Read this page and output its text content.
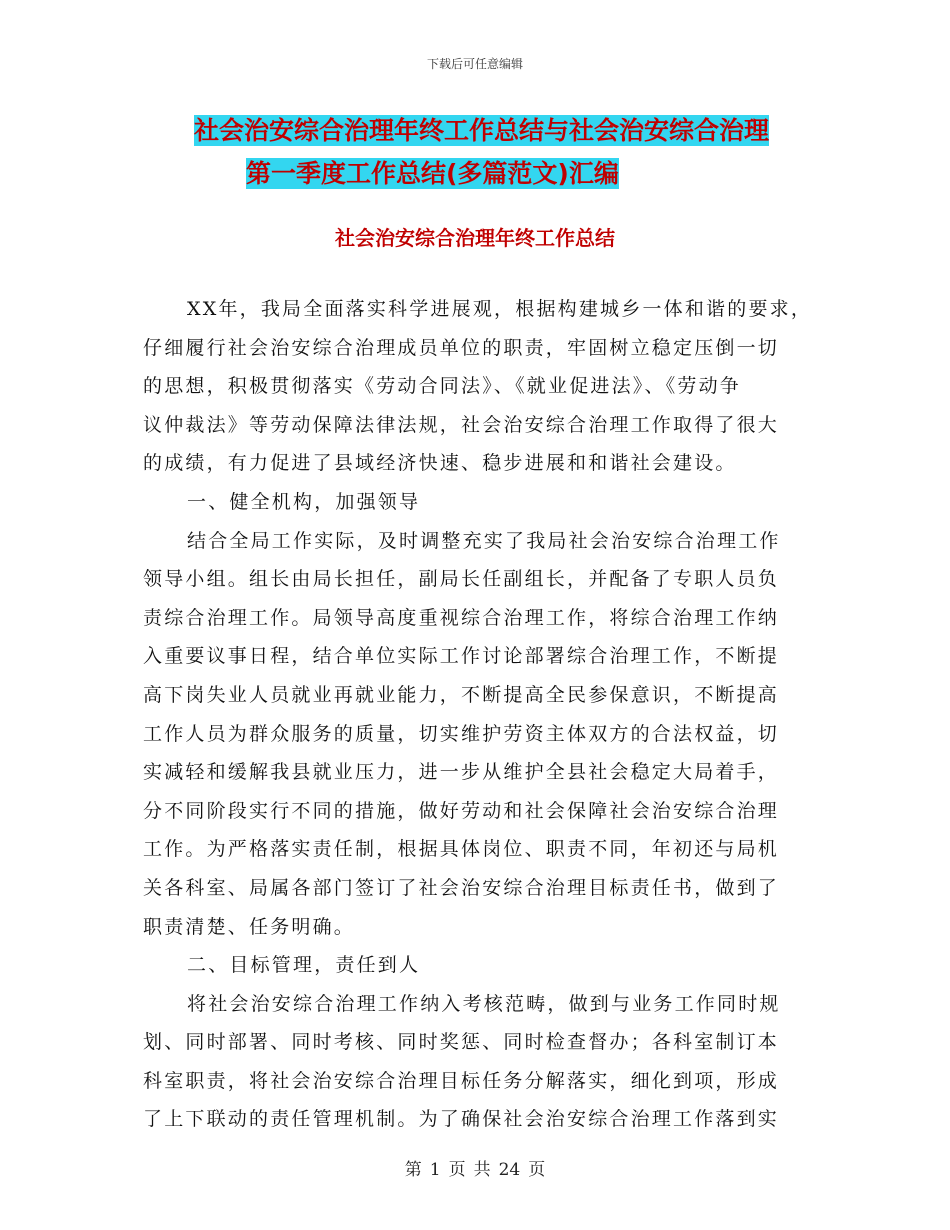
下载后可任意编辑
社会治安综合治理年终工作总结与社会治安综合治理
第一季度工作总结(多篇范文)汇编
社会治安综合治理年终工作总结
XX年，我局全面落实科学进展观，根据构建城乡一体和谐的要求，
仔细履行社会治安综合治理成员单位的职责，牢固树立稳定压倒一切
的思想，积极贯彻落实《劳动合同法》、《就业促进法》、《劳动争
议仲裁法》等劳动保障法律法规，社会治安综合治理工作取得了很大
的成绩，有力促进了县域经济快速、稳步进展和和谐社会建设。
一、健全机构，加强领导
结合全局工作实际，及时调整充实了我局社会治安综合治理工作
领导小组。组长由局长担任，副局长任副组长，并配备了专职人员负
责综合治理工作。局领导高度重视综合治理工作，将综合治理工作纳
入重要议事日程，结合单位实际工作讨论部署综合治理工作，不断提
高下岗失业人员就业再就业能力，不断提高全民参保意识，不断提高
工作人员为群众服务的质量，切实维护劳资主体双方的合法权益，切
实减轻和缓解我县就业压力，进一步从维护全县社会稳定大局着手，
分不同阶段实行不同的措施，做好劳动和社会保障社会治安综合治理
工作。为严格落实责任制，根据具体岗位、职责不同，年初还与局机
关各科室、局属各部门签订了社会治安综合治理目标责任书，做到了
职责清楚、任务明确。
二、目标管理，责任到人
将社会治安综合治理工作纳入考核范畴，做到与业务工作同时规
划、同时部署、同时考核、同时奖惩、同时检查督办；各科室制订本
科室职责，将社会治安综合治理目标任务分解落实，细化到项，形成
了上下联动的责任管理机制。为了确保社会治安综合治理工作落到实
第 1 页 共 24 页
